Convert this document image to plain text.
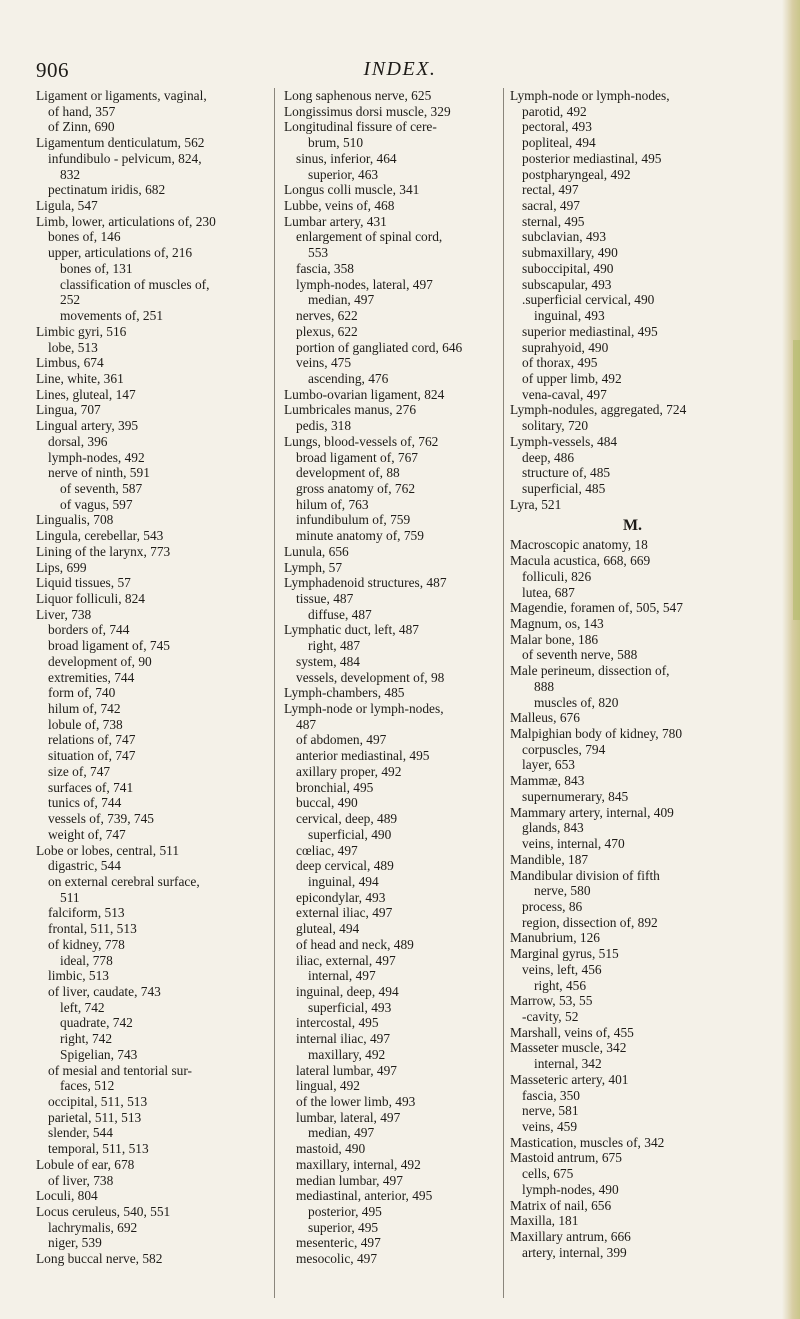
906	INDEX.
Ligament or ligaments, vaginal,
of hand, 357
of Zinn, 690
Ligamentum denticulatum, 562
infundibulo - pelvicum, 824,
832
pectinatum iridis, 682
Ligula, 547
Limb, lower, articulations of, 230
bones of, 146
upper, articulations of, 216
bones of, 131
classification of muscles of,
252
movements of, 251
Limbic gyri, 516
lobe, 513
Limbus, 674
Line, white, 361
Lines, gluteal, 147
Lingua, 707
Lingual artery, 395
dorsal, 396
lymph-nodes, 492
nerve of ninth, 591
of seventh, 587
of vagus, 597
Lingualis, 708
Lingula, cerebellar, 543
Lining of the larynx, 773
Lips, 699
Liquid tissues, 57
Liquor folliculi, 824
Liver, 738
borders of, 744
broad ligament of, 745
development of, 90
extremities, 744
form of, 740
hilum of, 742
lobule of, 738
relations of, 747
situation of, 747
size of, 747
surfaces of, 741
tunics of, 744
vessels of, 739, 745
weight of, 747
Lobe or lobes, central, 511
digastric, 544
on external cerebral surface,
511
falciform, 513
frontal, 511, 513
of kidney, 778
ideal, 778
limbic, 513
of liver, caudate, 743
left, 742
quadrate, 742
right, 742
Spigelian, 743
of mesial and tentorial sur-
faces, 512
occipital, 511, 513
parietal, 511, 513
slender, 544
temporal, 511, 513
Lobule of ear, 678
of liver, 738
Loculi, 804
Locus ceruleus, 540, 551
lachrymalis, 692
niger, 539
Long buccal nerve, 582
Long saphenous nerve, 625
Longissimus dorsi muscle, 329
Longitudinal fissure of cere-
brum, 510
sinus, inferior, 464
superior, 463
Longus colli muscle, 341
Lubbe, veins of, 468
Lumbar artery, 431
enlargement of spinal cord,
553
fascia, 358
lymph-nodes, lateral, 497
median, 497
nerves, 622
plexus, 622
portion of gangliated cord, 646
veins, 475
ascending, 476
Lumbo-ovarian ligament, 824
Lumbricales manus, 276
pedis, 318
Lungs, blood-vessels of, 762
broad ligament of, 767
development of, 88
gross anatomy of, 762
hilum of, 763
infundibulum of, 759
minute anatomy of, 759
Lunula, 656
Lymph, 57
Lymphadenoid structures, 487
tissue, 487
diffuse, 487
Lymphatic duct, left, 487
right, 487
system, 484
vessels, development of, 98
Lymph-chambers, 485
Lymph-node or lymph-nodes,
487
of abdomen, 497
anterior mediastinal, 495
axillary proper, 492
bronchial, 495
buccal, 490
cervical, deep, 489
superficial, 490
cœliac, 497
deep cervical, 489
inguinal, 494
epicondylar, 493
external iliac, 497
gluteal, 494
of head and neck, 489
iliac, external, 497
internal, 497
inguinal, deep, 494
superficial, 493
intercostal, 495
internal iliac, 497
maxillary, 492
lateral lumbar, 497
lingual, 492
of the lower limb, 493
lumbar, lateral, 497
median, 497
mastoid, 490
maxillary, internal, 492
median lumbar, 497
mediastinal, anterior, 495
posterior, 495
superior, 495
mesenteric, 497
mesocolic, 497
Lymph-node or lymph-nodes,
parotid, 492
pectoral, 493
popliteal, 494
posterior mediastinal, 495
postpharyngeal, 492
rectal, 497
sacral, 497
sternal, 495
subclavian, 493
submaxillary, 490
suboccipital, 490
subscapular, 493
.superficial cervical, 490
inguinal, 493
superior mediastinal, 495
suprahyoid, 490
of thorax, 495
of upper limb, 492
vena-caval, 497
Lymph-nodules, aggregated, 724
solitary, 720
Lymph-vessels, 484
deep, 486
structure of, 485
superficial, 485
Lyra, 521
M.
Macroscopic anatomy, 18
Macula acustica, 668, 669
folliculi, 826
lutea, 687
Magendie, foramen of, 505, 547
Magnum, os, 143
Malar bone, 186
of seventh nerve, 588
Male perineum, dissection of,
888
muscles of, 820
Malleus, 676
Malpighian body of kidney, 780
corpuscles, 794
layer, 653
Mammæ, 843
supernumerary, 845
Mammary artery, internal, 409
glands, 843
veins, internal, 470
Mandible, 187
Mandibular division of fifth
nerve, 580
process, 86
region, dissection of, 892
Manubrium, 126
Marginal gyrus, 515
veins, left, 456
right, 456
Marrow, 53, 55
-cavity, 52
Marshall, veins of, 455
Masseter muscle, 342
internal, 342
Masseteric artery, 401
fascia, 350
nerve, 581
veins, 459
Mastication, muscles of, 342
Mastoid antrum, 675
cells, 675
lymph-nodes, 490
Matrix of nail, 656
Maxilla, 181
Maxillary antrum, 666
artery, internal, 399
